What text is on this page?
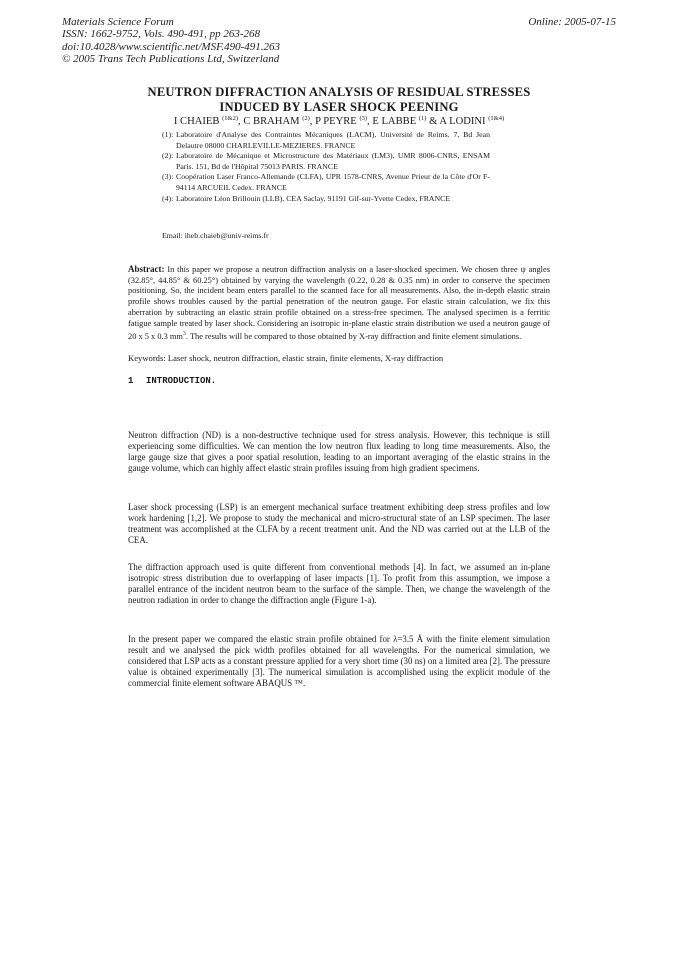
Materials Science Forum
ISSN: 1662-9752, Vols. 490-491, pp 263-268
doi:10.4028/www.scientific.net/MSF.490-491.263
© 2005 Trans Tech Publications Ltd, Switzerland
Online: 2005-07-15
NEUTRON DIFFRACTION ANALYSIS OF RESIDUAL STRESSES
INDUCED BY LASER SHOCK PEENING
I CHAIEB $^{(1\&2)}$, C BRAHAM $^{(2)}$, P PEYRE $^{(3)}$, E LABBE $^{(1)}$ & A LODINI $^{(1\&4)}$
(1): Laboratoire d'Analyse des Contraintes Mécaniques (LACM), Université de Reims. 7, Bd Jean Delautre 08000 CHARLEVILLE-MEZIERES. FRANCE
(2): Laboratoire de Mécanique et Microstructure des Matériaux (LM3), UMR 8006-CNRS, ENSAM Paris. 151, Bd de l'Hôpital 75013 PARIS. FRANCE
(3): Coopération Laser Franco-Allemande (CLFA), UPR 1578-CNRS, Avenue Prieur de la Côte d'Or F-94114 ARCUEIL Cedex. FRANCE
(4): Laboratoire Léon Brillouin (LLB), CEA Saclay, 91191 Gif-sur-Yvette Cedex, FRANCE
Email: iheb.chaieb@univ-reims.fr
Abstract: In this paper we propose a neutron diffraction analysis on a laser-shocked specimen. We chosen three ψ angles (32.85°, 44.85° & 60.25°) obtained by varying the wavelength (0.22, 0.28 & 0.35 nm) in order to conserve the specimen positioning. So, the incident beam enters parallel to the scanned face for all measurements. Also, the in-depth elastic strain profile shows troubles caused by the partial penetration of the neutron gauge. For elastic strain calculation, we fix this aberration by subtracting an elastic strain profile obtained on a stress-free specimen. The analysed specimen is a ferritic fatigue sample treated by laser shock. Considering an isotropic in-plane elastic strain distribution we used a neutron gauge of 20 x 5 x 0.3 $mm^3$. The results will be compared to those obtained by X-ray diffraction and finite element simulations.
Keywords: Laser shock, neutron diffraction, elastic strain, finite elements, X-ray diffraction
1 INTRODUCTION.
Neutron diffraction (ND) is a non-destructive technique used for stress analysis. However, this technique is still experiencing some difficulties. We can mention the low neutron flux leading to long time measurements. Also, the large gauge size that gives a poor spatial resolution, leading to an important averaging of the elastic strains in the gauge volume, which can highly affect elastic strain profiles issuing from high gradient specimens.
Laser shock processing (LSP) is an emergent mechanical surface treatment exhibiting deep stress profiles and low work hardening [1,2]. We propose to study the mechanical and micro-structural state of an LSP specimen. The laser treatment was accomplished at the CLFA by a recent treatment unit. And the ND was carried out at the LLB of the CEA.
The diffraction approach used is quite different from conventional methods [4]. In fact, we assumed an in-plane isotropic stress distribution due to overlapping of laser impacts [1]. To profit from this assumption, we impose a parallel entrance of the incident neutron beam to the surface of the sample. Then, we change the wavelength of the neutron radiation in order to change the diffraction angle (Figure 1-a).
In the present paper we compared the elastic strain profile obtained for λ=3.5 Å with the finite element simulation result and we analysed the pick width profiles obtained for all wavelengths. For the numerical simulation, we considered that LSP acts as a constant pressure applied for a very short time (30 ns) on a limited area [2]. The pressure value is obtained experimentally [3]. The numerical simulation is accomplished using the explicit module of the commercial finite element software ABAQUS ™.
